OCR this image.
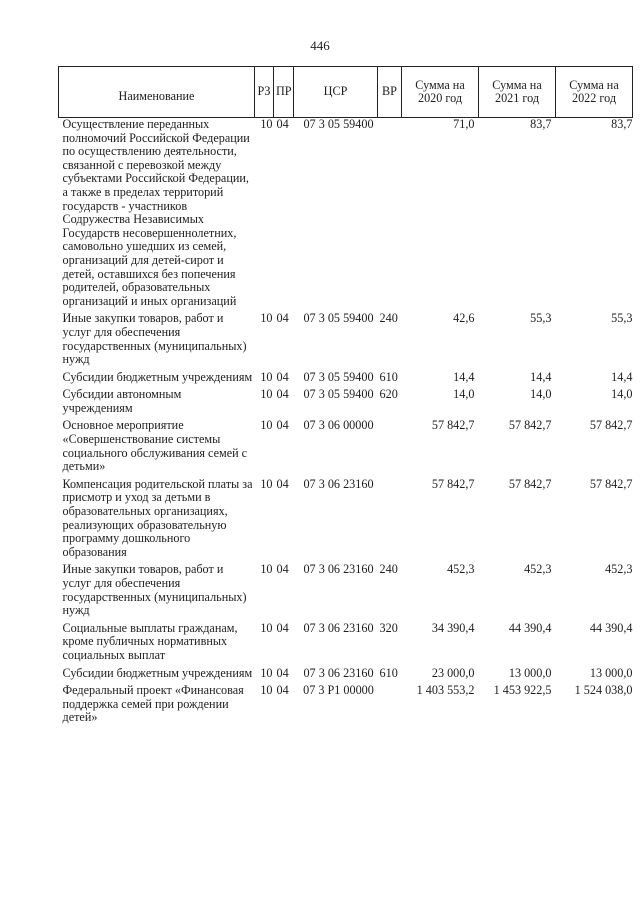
446
Наименование	РЗ	ПР	ЦСР	ВР	Сумма на 2020 год	Сумма на 2021 год	Сумма на 2022 год
Осуществление переданных полномочий Российской Федерации по осуществлению деятельности, связанной с перевозкой между субъектами Российской Федерации, а также в пределах территорий государств - участников Содружества Независимых Государств несовершеннолетних, самовольно ушедших из семей, организаций для детей-сирот и детей, оставшихся без попечения родителей, образовательных организаций и иных организаций	10	04	07 3 05 59400		71,0	83,7	83,7
Иные закупки товаров, работ и услуг для обеспечения государственных (муниципальных) нужд	10	04	07 3 05 59400	240	42,6	55,3	55,3
Субсидии бюджетным учреждениям	10	04	07 3 05 59400	610	14,4	14,4	14,4
Субсидии автономным учреждениям	10	04	07 3 05 59400	620	14,0	14,0	14,0
Основное мероприятие «Совершенствование системы социального обслуживания семей с детьми»	10	04	07 3 06 00000		57 842,7	57 842,7	57 842,7
Компенсация родительской платы за присмотр и уход за детьми в образовательных организациях, реализующих образовательную программу дошкольного образования	10	04	07 3 06 23160		57 842,7	57 842,7	57 842,7
Иные закупки товаров, работ и услуг для обеспечения государственных (муниципальных) нужд	10	04	07 3 06 23160	240	452,3	452,3	452,3
Социальные выплаты гражданам, кроме публичных нормативных социальных выплат	10	04	07 3 06 23160	320	34 390,4	44 390,4	44 390,4
Субсидии бюджетным учреждениям	10	04	07 3 06 23160	610	23 000,0	13 000,0	13 000,0
Федеральный проект «Финансовая поддержка семей при рождении детей»	10	04	07 3 P1 00000		1 403 553,2	1 453 922,5	1 524 038,0
